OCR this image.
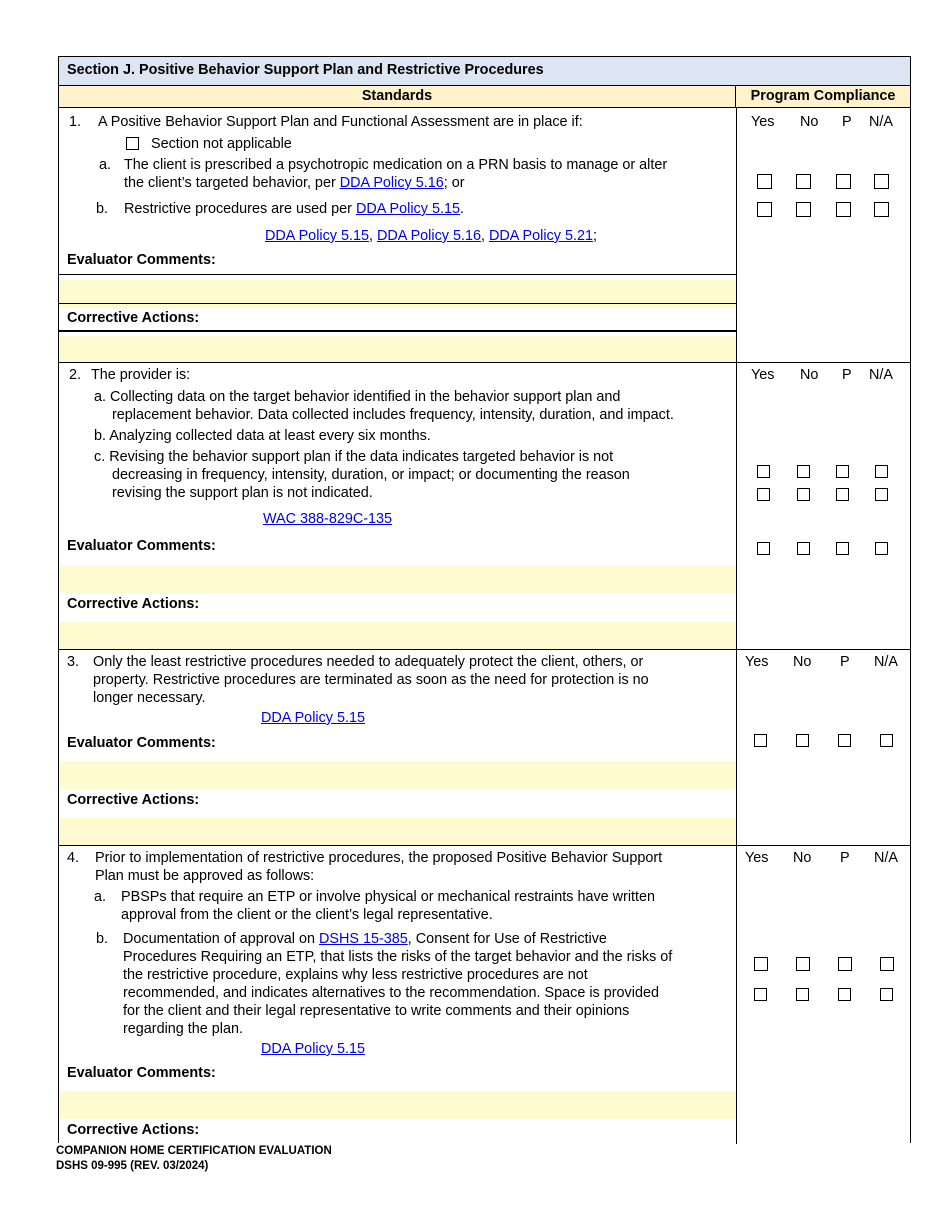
Section J. Positive Behavior Support Plan and Restrictive Procedures
Standards	Program Compliance
1. A Positive Behavior Support Plan and Functional Assessment are in place if:
Section not applicable
a. The client is prescribed a psychotropic medication on a PRN basis to manage or alter
the client’s targeted behavior, per DDA Policy 5.16; or
b. Restrictive procedures are used per DDA Policy 5.15.
DDA Policy 5.15, DDA Policy 5.16, DDA Policy 5.21;
Evaluator Comments:
Corrective Actions:
Yes No P N/A
2. The provider is:
a. Collecting data on the target behavior identified in the behavior support plan and
replacement behavior. Data collected includes frequency, intensity, duration, and impact.
b. Analyzing collected data at least every six months.
c. Revising the behavior support plan if the data indicates targeted behavior is not
decreasing in frequency, intensity, duration, or impact; or documenting the reason
revising the support plan is not indicated.
WAC 388-829C-135
Evaluator Comments:
Corrective Actions:
Yes No P N/A
3. Only the least restrictive procedures needed to adequately protect the client, others, or
property. Restrictive procedures are terminated as soon as the need for protection is no
longer necessary.
DDA Policy 5.15
Evaluator Comments:
Corrective Actions:
Yes No P N/A
4. Prior to implementation of restrictive procedures, the proposed Positive Behavior Support
Plan must be approved as follows:
a. PBSPs that require an ETP or involve physical or mechanical restraints have written
approval from the client or the client’s legal representative.
b. Documentation of approval on DSHS 15-385, Consent for Use of Restrictive
Procedures Requiring an ETP, that lists the risks of the target behavior and the risks of
the restrictive procedure, explains why less restrictive procedures are not
recommended, and indicates alternatives to the recommendation. Space is provided
for the client and their legal representative to write comments and their opinions
regarding the plan.
DDA Policy 5.15
Evaluator Comments:
Corrective Actions:
Yes No P N/A
COMPANION HOME CERTIFICATION EVALUATION
DSHS 09-995 (REV. 03/2024)
